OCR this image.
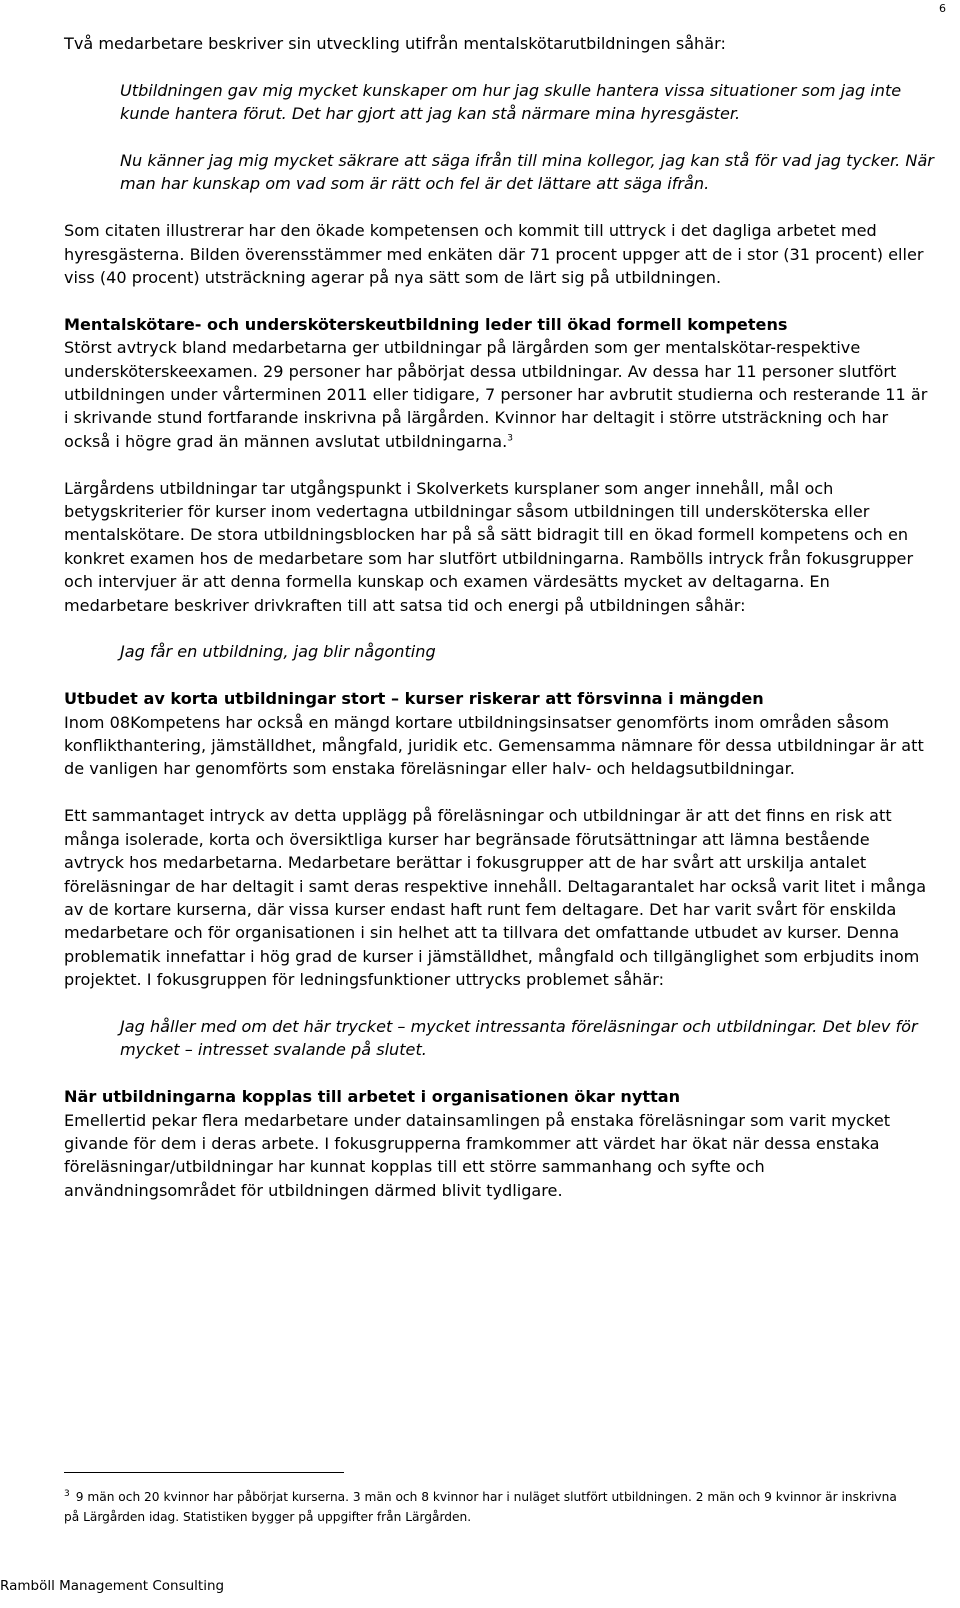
6

Två medarbetare beskriver sin utveckling utifrån mentalskötarutbildningen såhär:

Utbildningen gav mig mycket kunskaper om hur jag skulle hantera vissa situationer som jag inte kunde hantera förut. Det har gjort att jag kan stå närmare mina hyresgäster.

Nu känner jag mig mycket säkrare att säga ifrån till mina kollegor, jag kan stå för vad jag tycker. När man har kunskap om vad som är rätt och fel är det lättare att säga ifrån.

Som citaten illustrerar har den ökade kompetensen och kommit till uttryck i det dagliga arbetet med hyresgästerna. Bilden överensstämmer med enkäten där 71 procent uppger att de i stor (31 procent) eller viss (40 procent) utsträckning agerar på nya sätt som de lärt sig på utbildningen.

Mentalskötare- och undersköterskeutbildning leder till ökad formell kompetens

Störst avtryck bland medarbetarna ger utbildningar på lärgården som ger mentalskötar-respektive undersköterskeexamen. 29 personer har påbörjat dessa utbildningar. Av dessa har 11 personer slutfört utbildningen under vårterminen 2011 eller tidigare, 7 personer har avbrutit studierna och resterande 11 är i skrivande stund fortfarande inskrivna på lärgården. Kvinnor har deltagit i större utsträckning och har också i högre grad än männen avslutat utbildningarna.$^3$

Lärgårdens utbildningar tar utgångspunkt i Skolverkets kursplaner som anger innehåll, mål och betygskriterier för kurser inom vedertagna utbildningar såsom utbildningen till undersköterska eller mentalskötare. De stora utbildningsblocken har på så sätt bidragit till en ökad formell kompetens och en konkret examen hos de medarbetare som har slutfört utbildningarna. Rambölls intryck från fokusgrupper och intervjuer är att denna formella kunskap och examen värdesätts mycket av deltagarna. En medarbetare beskriver drivkraften till att satsa tid och energi på utbildningen såhär:

Jag får en utbildning, jag blir någonting

Utbudet av korta utbildningar stort – kurser riskerar att försvinna i mängden

Inom 08Kompetens har också en mängd kortare utbildningsinsatser genomförts inom områden såsom konflikthantering, jämställdhet, mångfald, juridik etc. Gemensamma nämnare för dessa utbildningar är att de vanligen har genomförts som enstaka föreläsningar eller halv- och heldagsutbildningar.

Ett sammantaget intryck av detta upplägg på föreläsningar och utbildningar är att det finns en risk att många isolerade, korta och översiktliga kurser har begränsade förutsättningar att lämna bestående avtryck hos medarbetarna. Medarbetare berättar i fokusgrupper att de har svårt att urskilja antalet föreläsningar de har deltagit i samt deras respektive innehåll. Deltagarantalet har också varit litet i många av de kortare kurserna, där vissa kurser endast haft runt fem deltagare. Det har varit svårt för enskilda medarbetare och för organisationen i sin helhet att ta tillvara det omfattande utbudet av kurser. Denna problematik innefattar i hög grad de kurser i jämställdhet, mångfald och tillgänglighet som erbjudits inom projektet. I fokusgruppen för ledningsfunktioner uttrycks problemet såhär:

Jag håller med om det här trycket – mycket intressanta föreläsningar och utbildningar. Det blev för mycket – intresset svalande på slutet.

När utbildningarna kopplas till arbetet i organisationen ökar nyttan

Emellertid pekar flera medarbetare under datainsamlingen på enstaka föreläsningar som varit mycket givande för dem i deras arbete. I fokusgrupperna framkommer att värdet har ökat när dessa enstaka föreläsningar/utbildningar har kunnat kopplas till ett större sammanhang och syfte och användningsområdet för utbildningen därmed blivit tydligare.

$^3$ 9 män och 20 kvinnor har påbörjat kurserna. 3 män och 8 kvinnor har i nuläget slutfört utbildningen. 2 män och 9 kvinnor är inskrivna på Lärgården idag. Statistiken bygger på uppgifter från Lärgården.
Ramböll Management Consulting
